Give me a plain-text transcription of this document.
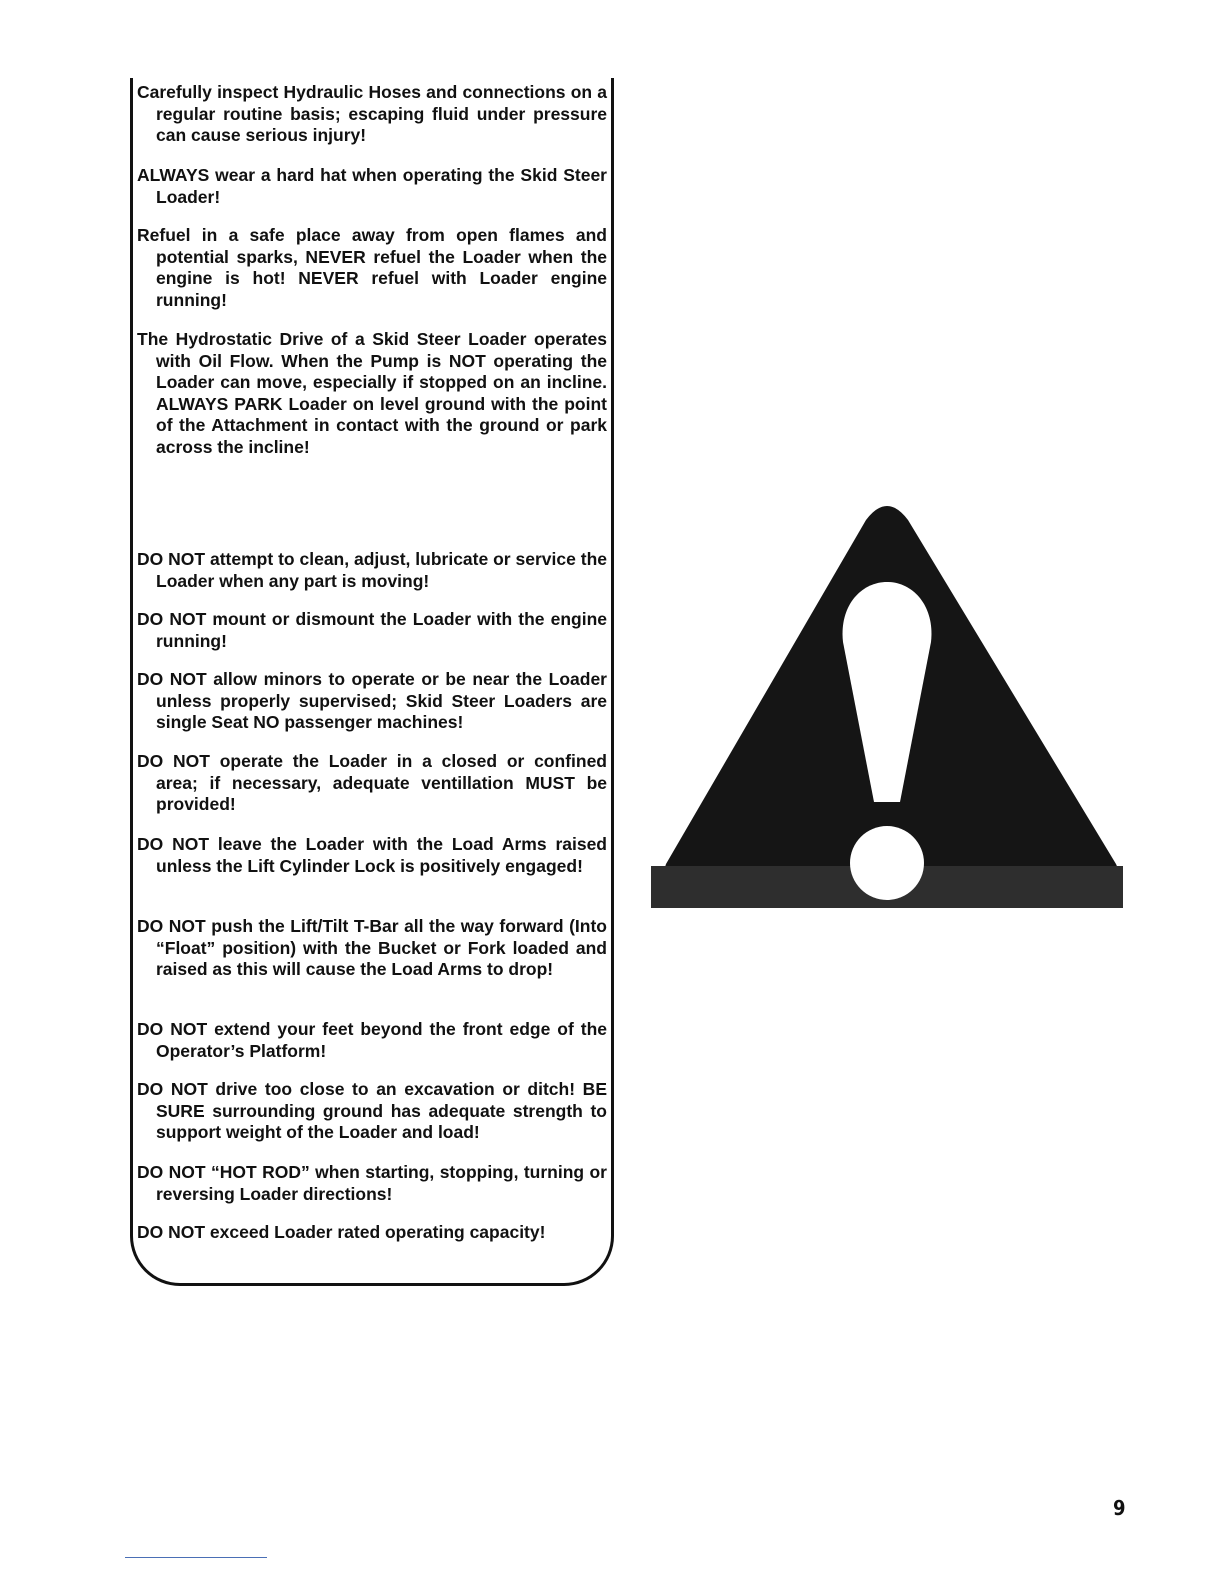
Carefully inspect Hydraulic Hoses and connections on a regular routine basis; escaping fluid under pressure can cause serious injury!

ALWAYS wear a hard hat when operating the Skid Steer Loader!

Refuel in a safe place away from open flames and potential sparks, NEVER refuel the Loader when the engine is hot! NEVER refuel with Loader engine running!

The Hydrostatic Drive of a Skid Steer Loader operates with Oil Flow. When the Pump is NOT operating the Loader can move, especially if stopped on an incline. ALWAYS PARK Loader on level ground with the point of the Attachment in contact with the ground or park across the incline!

DO NOT attempt to clean, adjust, lubricate or service the Loader when any part is moving!

DO NOT mount or dismount the Loader with the engine running!

DO NOT allow minors to operate or be near the Loader unless properly supervised; Skid Steer Loaders are single Seat NO passenger machines!

DO NOT operate the Loader in a closed or confined area; if necessary, adequate ventillation MUST be provided!

DO NOT leave the Loader with the Load Arms raised unless the Lift Cylinder Lock is positively engaged!

DO NOT push the Lift/Tilt T-Bar all the way forward (Into “Float” position) with the Bucket or Fork loaded and raised as this will cause the Load Arms to drop!

DO NOT extend your feet beyond the front edge of the Operator’s Platform!

DO NOT drive too close to an excavation or ditch! BE SURE surrounding ground has adequate strength to support weight of the Loader and load!

DO NOT “HOT ROD” when starting, stopping, turning or reversing Loader directions!

DO NOT exceed Loader rated operating capacity!

9
